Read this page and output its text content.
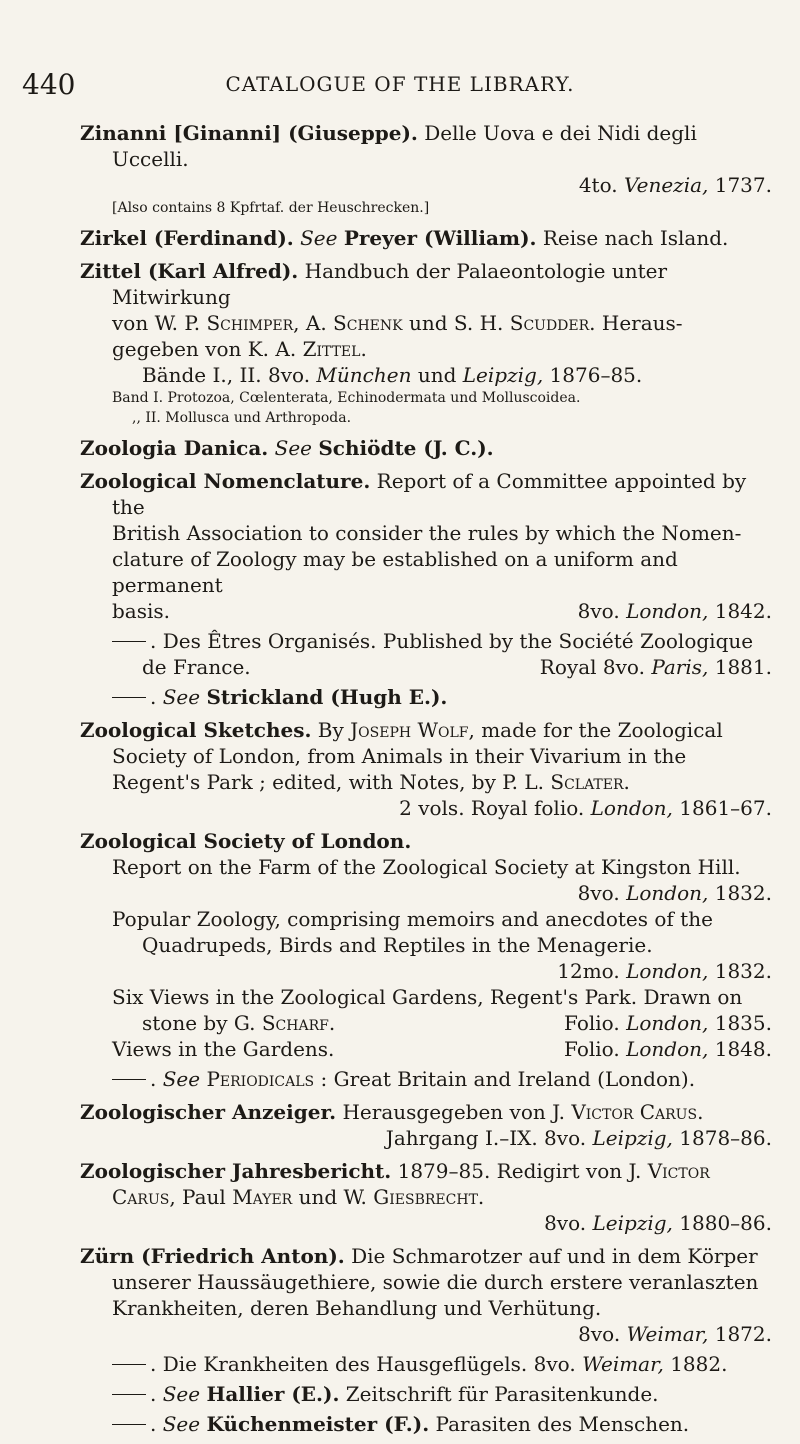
440	CATALOGUE OF THE LIBRARY.

Zinanni [Ginanni] (Giuseppe). Delle Uova e dei Nidi degli Uccelli.

4to. Venezia, 1737.

[Also contains 8 Kpfrtaf. der Heuschrecken.]

Zirkel (Ferdinand). See Preyer (William). Reise nach Island.

Zittel (Karl Alfred). Handbuch der Palaeontologie unter Mitwirkung

von W. P. Schimper, A. Schenk und S. H. Scudder. Heraus-

gegeben von K. A. Zittel.

Bände I., II. 8vo. München und Leipzig, 1876–85.

Band I. Protozoa, Cœlenterata, Echinodermata und Molluscoidea.

,, II. Mollusca und Arthropoda.

Zoologia Danica. See Schiödte (J. C.).

Zoological Nomenclature. Report of a Committee appointed by the

British Association to consider the rules by which the Nomen-

clature of Zoology may be established on a uniform and permanent

basis.	8vo. London, 1842.

. Des Êtres Organisés. Published by the Société Zoologique

de France.	Royal 8vo. Paris, 1881.

. See Strickland (Hugh E.).

Zoological Sketches. By Joseph Wolf, made for the Zoological

Society of London, from Animals in their Vivarium in the

Regent's Park ; edited, with Notes, by P. L. Sclater.

2 vols. Royal folio. London, 1861–67.

Zoological Society of London.

Report on the Farm of the Zoological Society at Kingston Hill.

8vo. London, 1832.

Popular Zoology, comprising memoirs and anecdotes of the

Quadrupeds, Birds and Reptiles in the Menagerie.

12mo. London, 1832.

Six Views in the Zoological Gardens, Regent's Park. Drawn on

stone by G. Scharf.	Folio. London, 1835.
Views in the Gardens.	Folio. London, 1848.

. See Periodicals : Great Britain and Ireland (London).

Zoologischer Anzeiger. Herausgegeben von J. Victor Carus.

Jahrgang I.–IX. 8vo. Leipzig, 1878–86.

Zoologischer Jahresbericht. 1879–85. Redigirt von J. Victor

Carus, Paul Mayer und W. Giesbrecht.

8vo. Leipzig, 1880–86.

Zürn (Friedrich Anton). Die Schmarotzer auf und in dem Körper

unserer Haussäugethiere, sowie die durch erstere veranlaszten

Krankheiten, deren Behandlung und Verhütung.

8vo. Weimar, 1872.

. Die Krankheiten des Hausgeflügels. 8vo. Weimar, 1882.

. See Hallier (E.). Zeitschrift für Parasitenkunde.

. See Küchenmeister (F.). Parasiten des Menschen.
